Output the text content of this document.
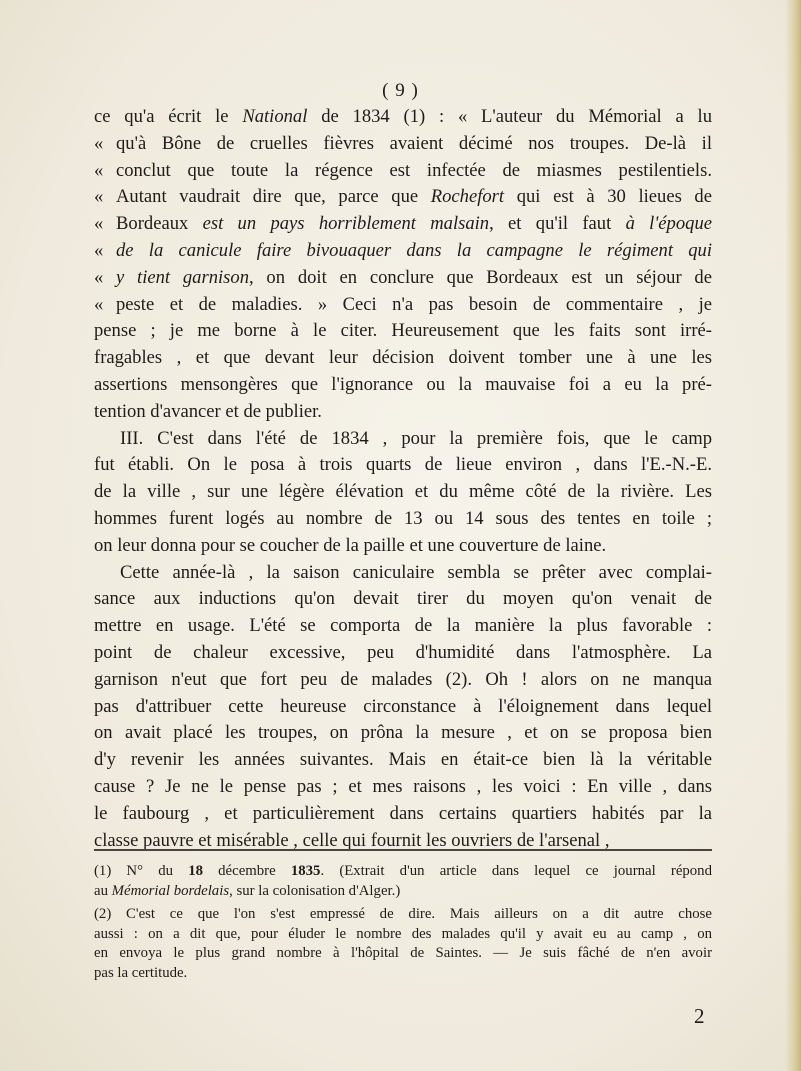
( 9 )
ce qu'a écrit le National de 1834 (1) : « L'auteur du Mémorial a lu
« qu'à Bône de cruelles fièvres avaient décimé nos troupes. De-là il
« conclut que toute la régence est infectée de miasmes pestilentiels.
« Autant vaudrait dire que, parce que Rochefort qui est à 30 lieues de
« Bordeaux est un pays horriblement malsain, et qu'il faut à l'époque
« de la canicule faire bivouaquer dans la campagne le régiment qui
« y tient garnison, on doit en conclure que Bordeaux est un séjour de
« peste et de maladies. » Ceci n'a pas besoin de commentaire , je
pense ; je me borne à le citer. Heureusement que les faits sont irré-
fragables , et que devant leur décision doivent tomber une à une les
assertions mensongères que l'ignorance ou la mauvaise foi a eu la pré-
tention d'avancer et de publier.
III. C'est dans l'été de 1834 , pour la première fois, que le camp
fut établi. On le posa à trois quarts de lieue environ , dans l'E.-N.-E.
de la ville , sur une légère élévation et du même côté de la rivière. Les
hommes furent logés au nombre de 13 ou 14 sous des tentes en toile ;
on leur donna pour se coucher de la paille et une couverture de laine.
Cette année-là , la saison caniculaire sembla se prêter avec complai-
sance aux inductions qu'on devait tirer du moyen qu'on venait de
mettre en usage. L'été se comporta de la manière la plus favorable :
point de chaleur excessive, peu d'humidité dans l'atmosphère. La
garnison n'eut que fort peu de malades (2). Oh ! alors on ne manqua
pas d'attribuer cette heureuse circonstance à l'éloignement dans lequel
on avait placé les troupes, on prôna la mesure , et on se proposa bien
d'y revenir les années suivantes. Mais en était-ce bien là la véritable
cause ? Je ne le pense pas ; et mes raisons , les voici : En ville , dans
le faubourg , et particulièrement dans certains quartiers habités par la
classe pauvre et misérable , celle qui fournit les ouvriers de l'arsenal ,
(1) N° du 18 décembre 1835. (Extrait d'un article dans lequel ce journal répond
au Mémorial bordelais, sur la colonisation d'Alger.)
(2) C'est ce que l'on s'est empressé de dire. Mais ailleurs on a dit autre chose
aussi : on a dit que, pour éluder le nombre des malades qu'il y avait eu au camp , on
en envoya le plus grand nombre à l'hôpital de Saintes. — Je suis fâché de n'en avoir
pas la certitude.
2
